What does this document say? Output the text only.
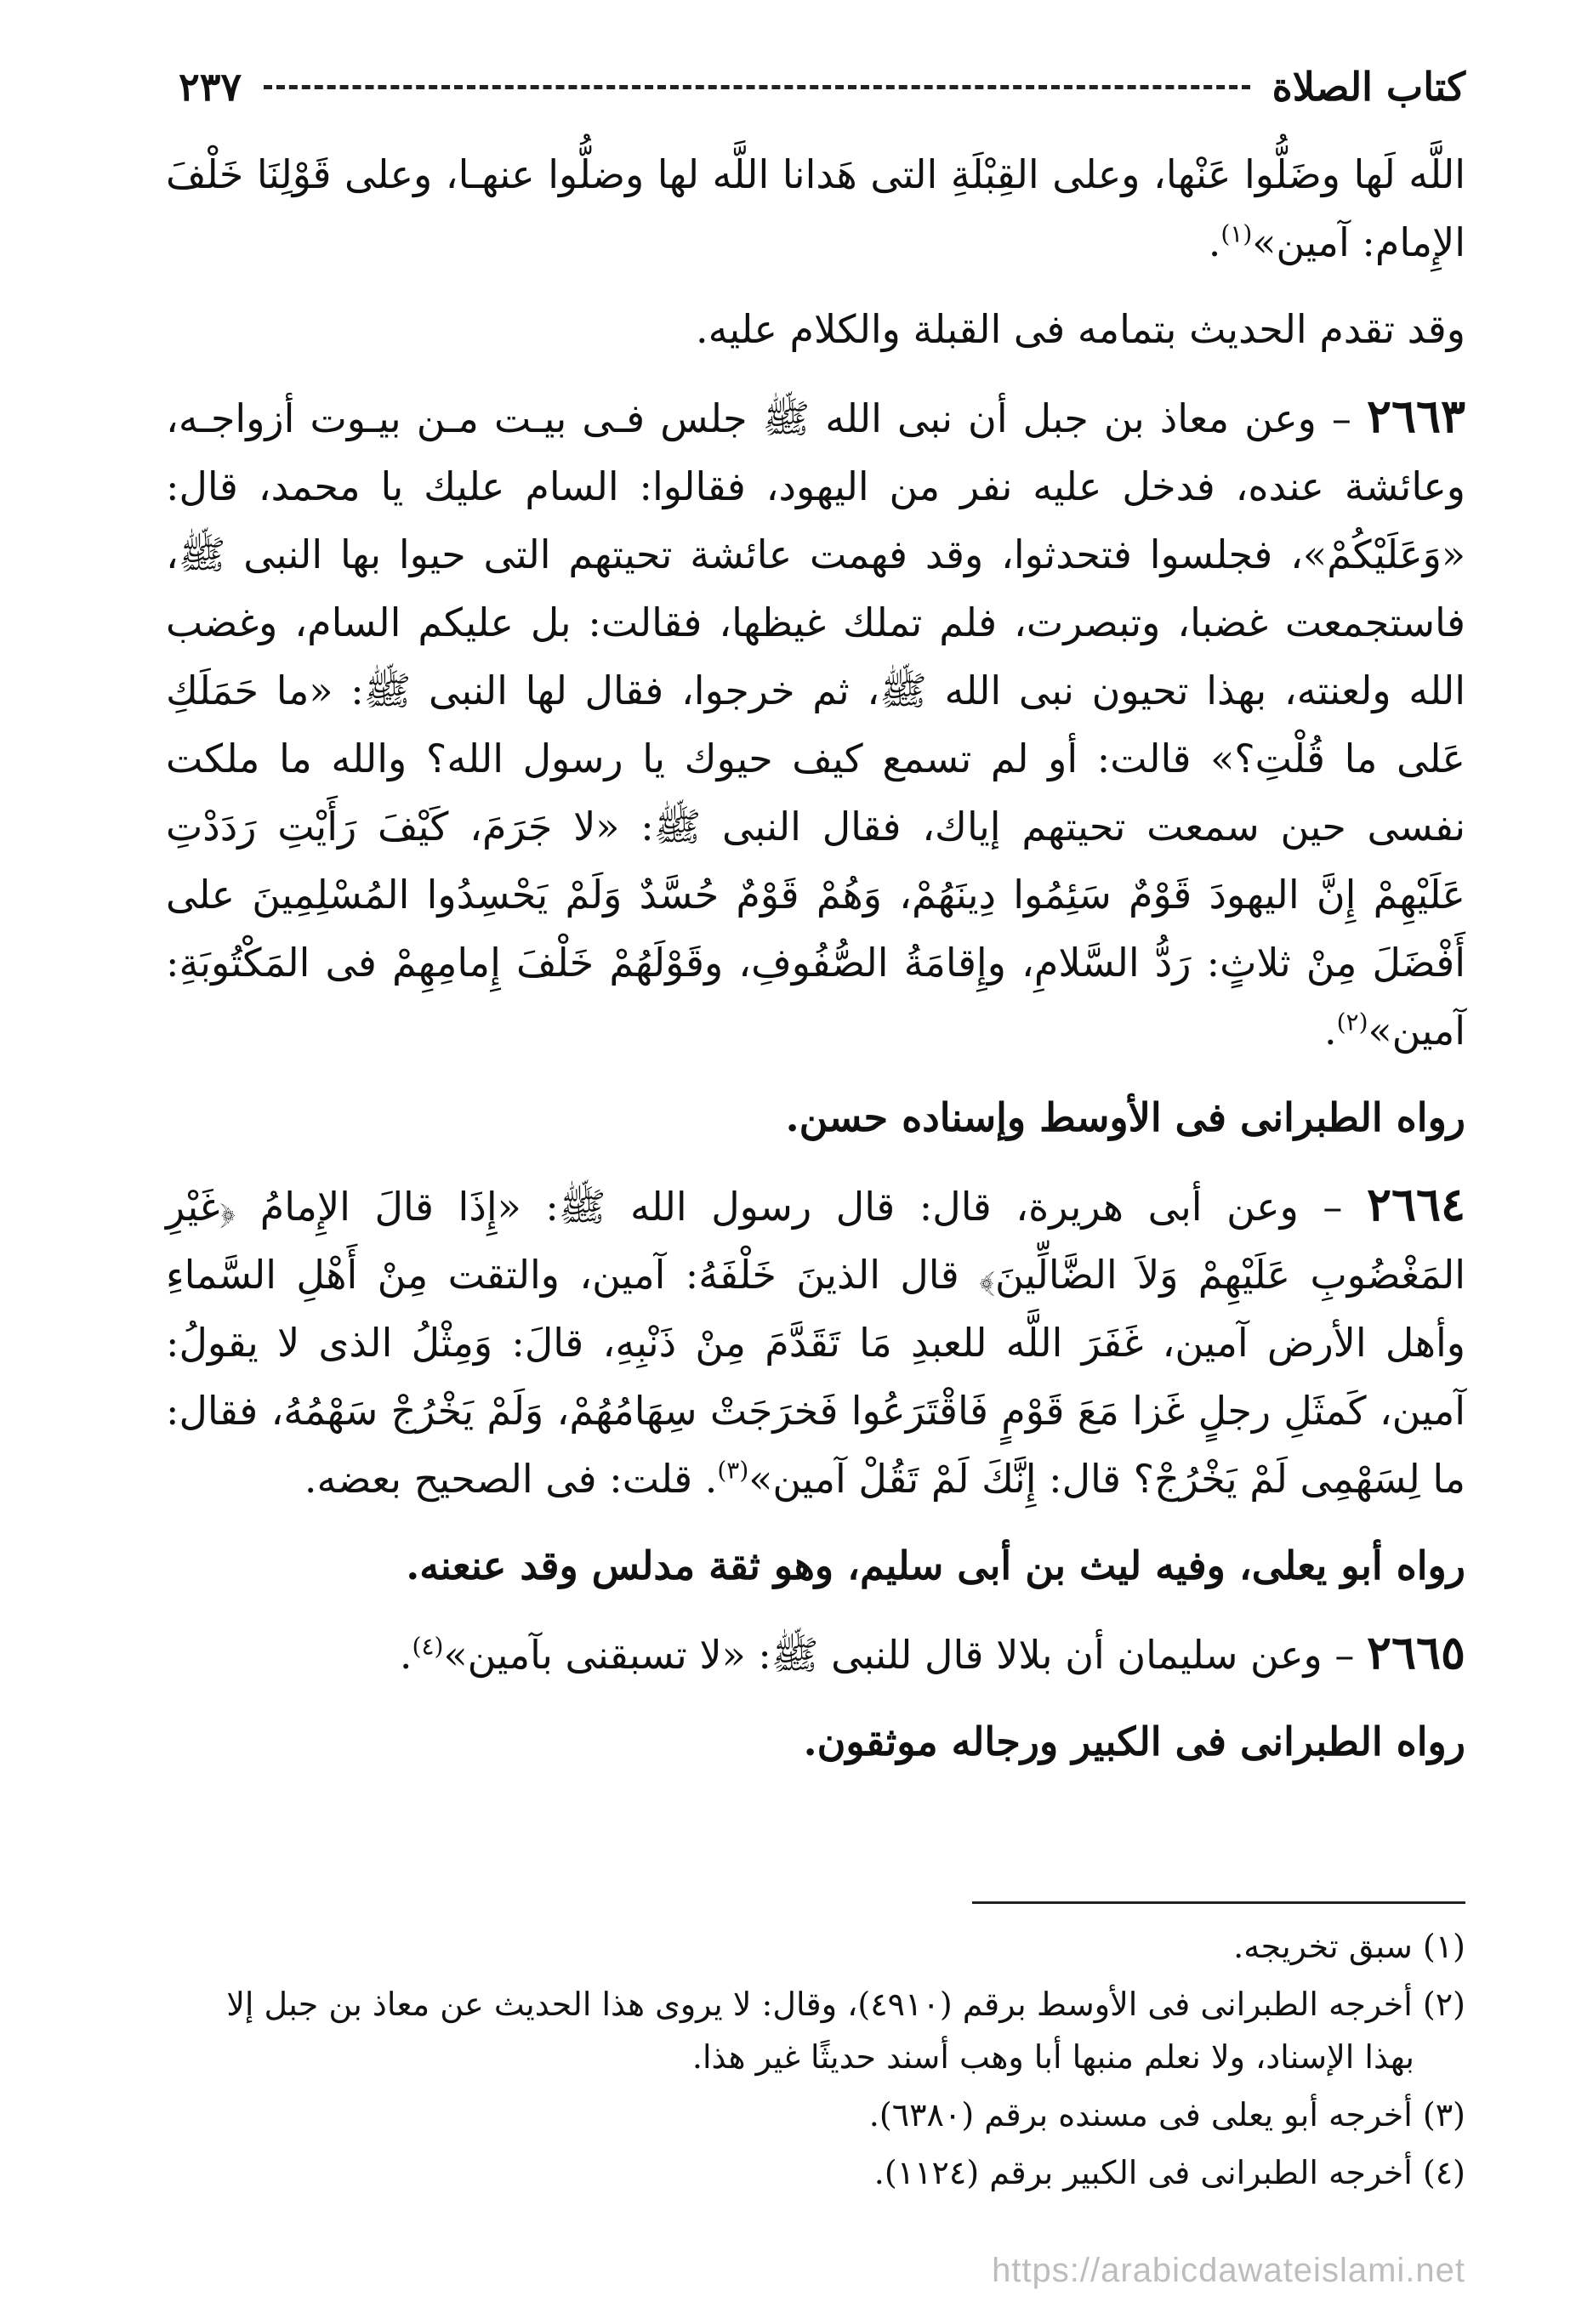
كتاب الصلاة
٢٣٧

اللَّه لَها وضَلُّوا عَنْها، وعلى القِبْلَةِ التى هَدانا اللَّه لها وضلُّوا عنهـا، وعلى قَوْلِنَا خَلْفَ الإِمام: آمين»$^{(١)}$.

وقد تقدم الحديث بتمامه فى القبلة والكلام عليه.

٢٦٦٣ – وعن معاذ بن جبل أن نبى الله ﷺ جلس فـى بيـت مـن بيـوت أزواجـه، وعائشة عنده، فدخل عليه نفر من اليهود، فقالوا: السام عليك يا محمد، قال: «وَعَلَيْكُمْ»، فجلسوا فتحدثوا، وقد فهمت عائشة تحيتهم التى حيوا بها النبى ﷺ، فاستجمعت غضبا، وتبصرت، فلم تملك غيظها، فقالت: بل عليكم السام، وغضب الله ولعنته، بهذا تحيون نبى الله ﷺ، ثم خرجوا، فقال لها النبى ﷺ: «ما حَمَلَكِ عَلى ما قُلْتِ؟» قالت: أو لم تسمع كيف حيوك يا رسول الله؟ والله ما ملكت نفسى حين سمعت تحيتهم إياك، فقال النبى ﷺ: «لا جَرَمَ، كَيْفَ رَأَيْتِ رَدَدْتِ عَلَيْهِمْ إِنَّ اليهودَ قَوْمٌ سَئِمُوا دِينَهُمْ، وَهُمْ قَوْمٌ حُسَّدٌ وَلَمْ يَحْسِدُوا المُسْلِمِينَ على أَفْضَلَ مِنْ ثلاثٍ: رَدُّ السَّلامِ، وإِقامَةُ الصُّفُوفِ، وقَوْلَهُمْ خَلْفَ إِمامِهِمْ فى المَكْتُوبَةِ: آمين»$^{(٢)}$.

رواه الطبرانى فى الأوسط وإسناده حسن.

٢٦٦٤ – وعن أبى هريرة، قال: قال رسول الله ﷺ: «إِذَا قالَ الإِمامُ ﴿غَيْرِ المَغْضُوبِ عَلَيْهِمْ وَلاَ الضَّالِّينَ﴾ قال الذينَ خَلْفَهُ: آمين، والتقت مِنْ أَهْلِ السَّماءِ وأهل الأرض آمين، غَفَرَ اللَّه للعبدِ مَا تَقَدَّمَ مِنْ ذَنْبِهِ، قالَ: وَمِثْلُ الذى لا يقولُ: آمين، كَمثَلِ رجلٍ غَزا مَعَ قَوْمٍ فَاقْتَرَعُوا فَخرَجَتْ سِهَامُهُمْ، وَلَمْ يَخْرُجْ سَهْمُهُ، فقال: ما لِسَهْمِى لَمْ يَخْرُجْ؟ قال: إِنَّكَ لَمْ تَقُلْ آمين»$^{(٣)}$. قلت: فى الصحيح بعضه.

رواه أبو يعلى، وفيه ليث بن أبى سليم، وهو ثقة مدلس وقد عنعنه.

٢٦٦٥ – وعن سليمان أن بلالا قال للنبى ﷺ: «لا تسبقنى بآمين»$^{(٤)}$.

رواه الطبرانى فى الكبير ورجاله موثقون.

(١) سبق تخريجه.

(٢) أخرجه الطبرانى فى الأوسط برقم (٤٩١٠)، وقال: لا يروى هذا الحديث عن معاذ بن جبل إلا
بهذا الإسناد، ولا نعلم منبها أبا وهب أسند حديثًا غير هذا.

(٣) أخرجه أبو يعلى فى مسنده برقم (٦٣٨٠).

(٤) أخرجه الطبرانى فى الكبير برقم (١١٢٤).

https://arabicdawateislami.net
